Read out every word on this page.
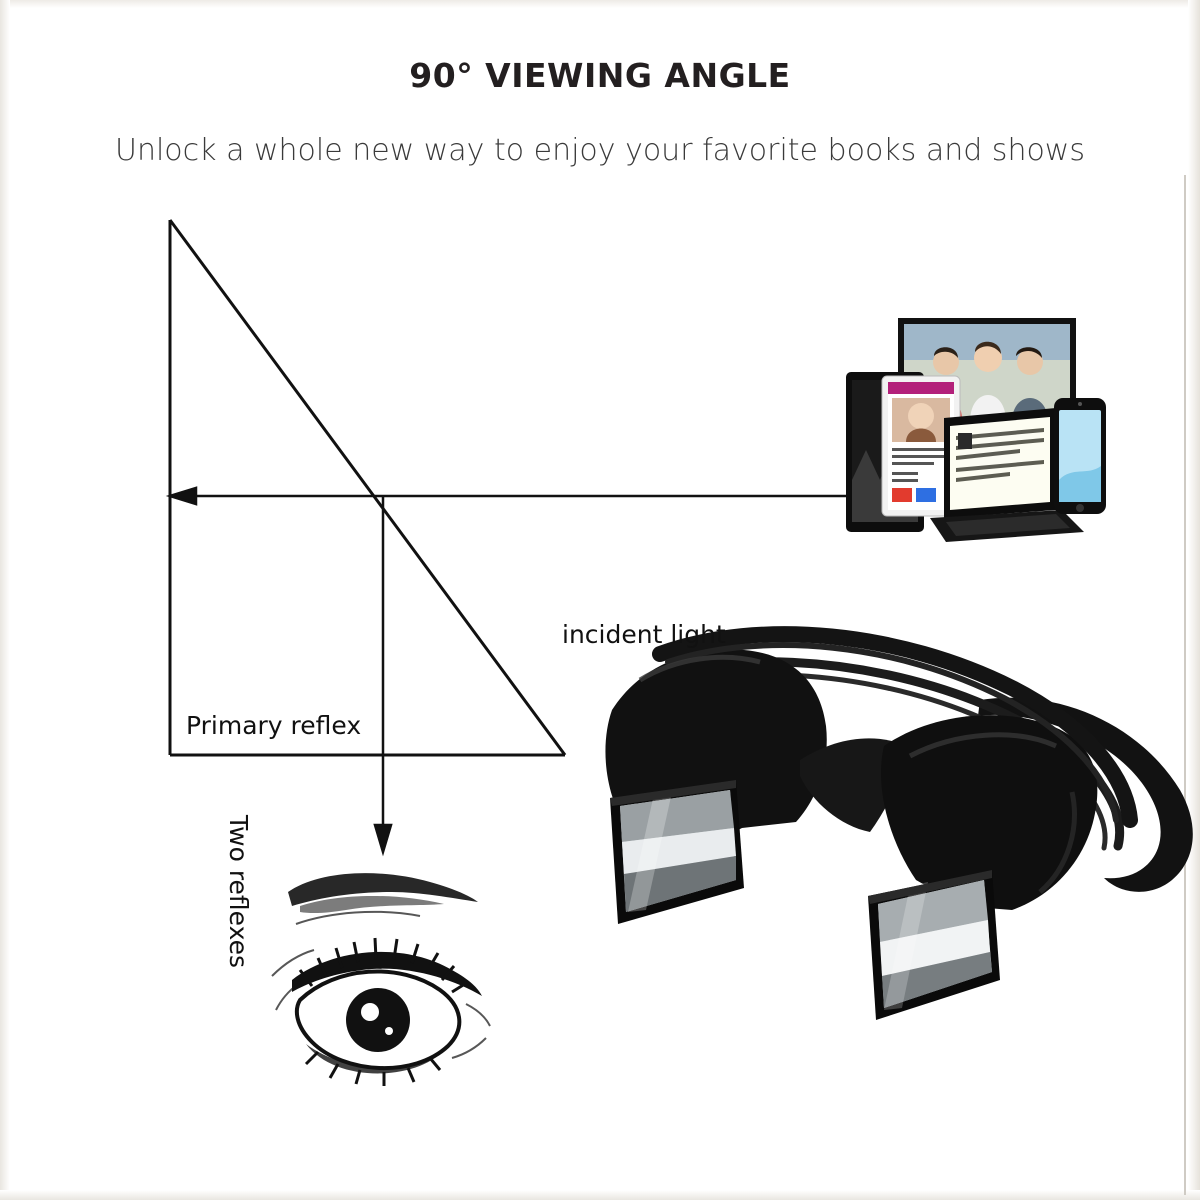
90° VIEWING ANGLE
Unlock a whole new way to enjoy your favorite books and shows
incident light
Primary reflex
Two reflexes
